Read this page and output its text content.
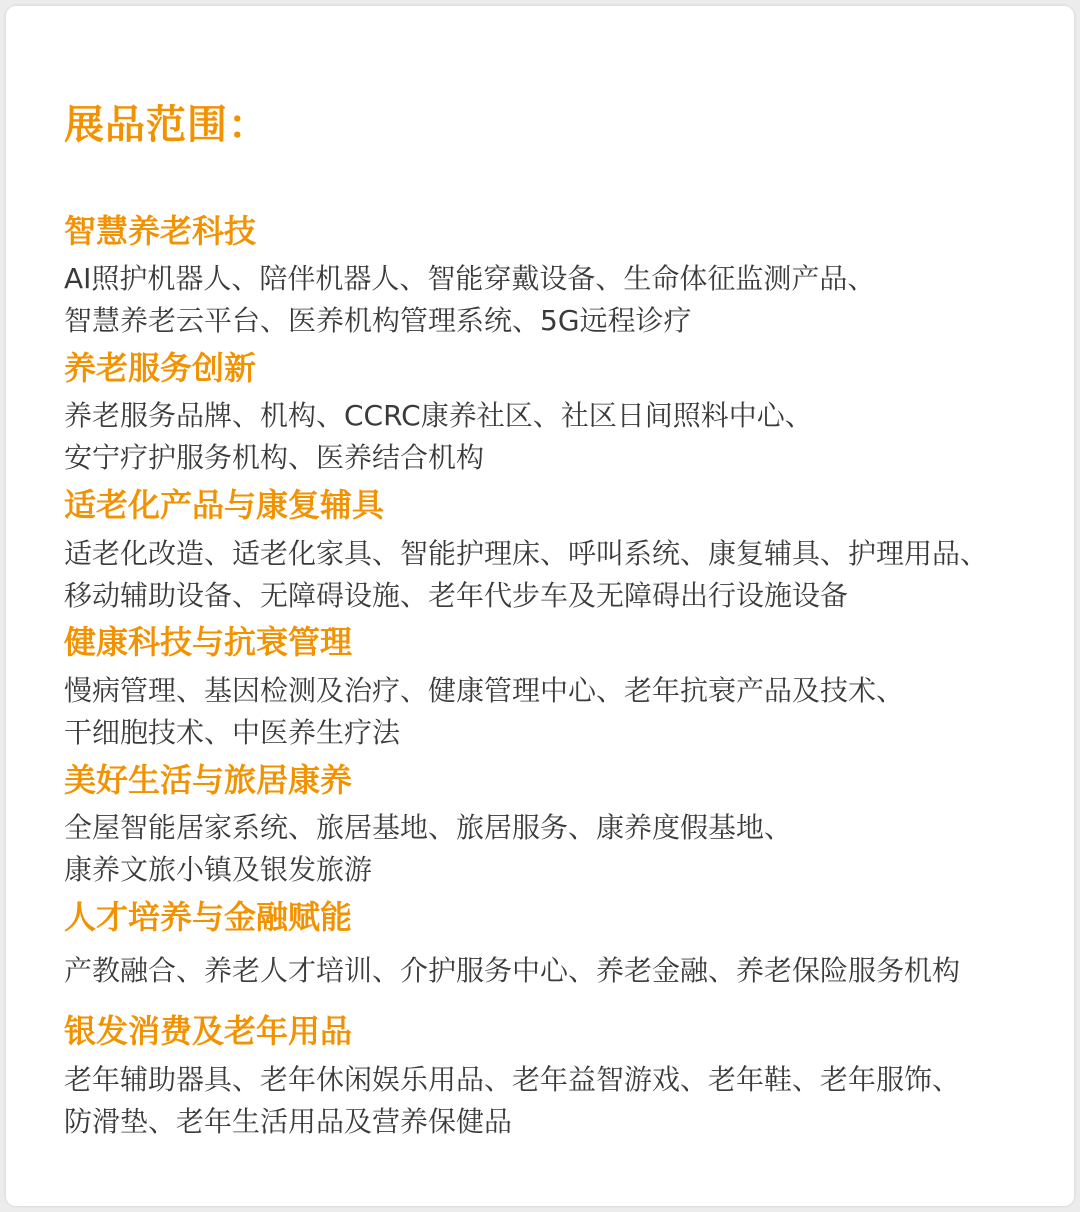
展品范围：
智慧养老科技

AI照护机器人、陪伴机器人、智能穿戴设备、生命体征监测产品、
智慧养老云平台、医养机构管理系统、5G远程诊疗

养老服务创新

养老服务品牌、机构、CCRC康养社区、社区日间照料中心、
安宁疗护服务机构、医养结合机构

适老化产品与康复辅具

适老化改造、适老化家具、智能护理床、呼叫系统、康复辅具、护理用品、
移动辅助设备、无障碍设施、老年代步车及无障碍出行设施设备

健康科技与抗衰管理

慢病管理、基因检测及治疗、健康管理中心、老年抗衰产品及技术、
干细胞技术、中医养生疗法

美好生活与旅居康养

全屋智能居家系统、旅居基地、旅居服务、康养度假基地、
康养文旅小镇及银发旅游

人才培养与金融赋能

产教融合、养老人才培训、介护服务中心、养老金融、养老保险服务机构

银发消费及老年用品

老年辅助器具、老年休闲娱乐用品、老年益智游戏、老年鞋、老年服饰、
防滑垫、老年生活用品及营养保健品
